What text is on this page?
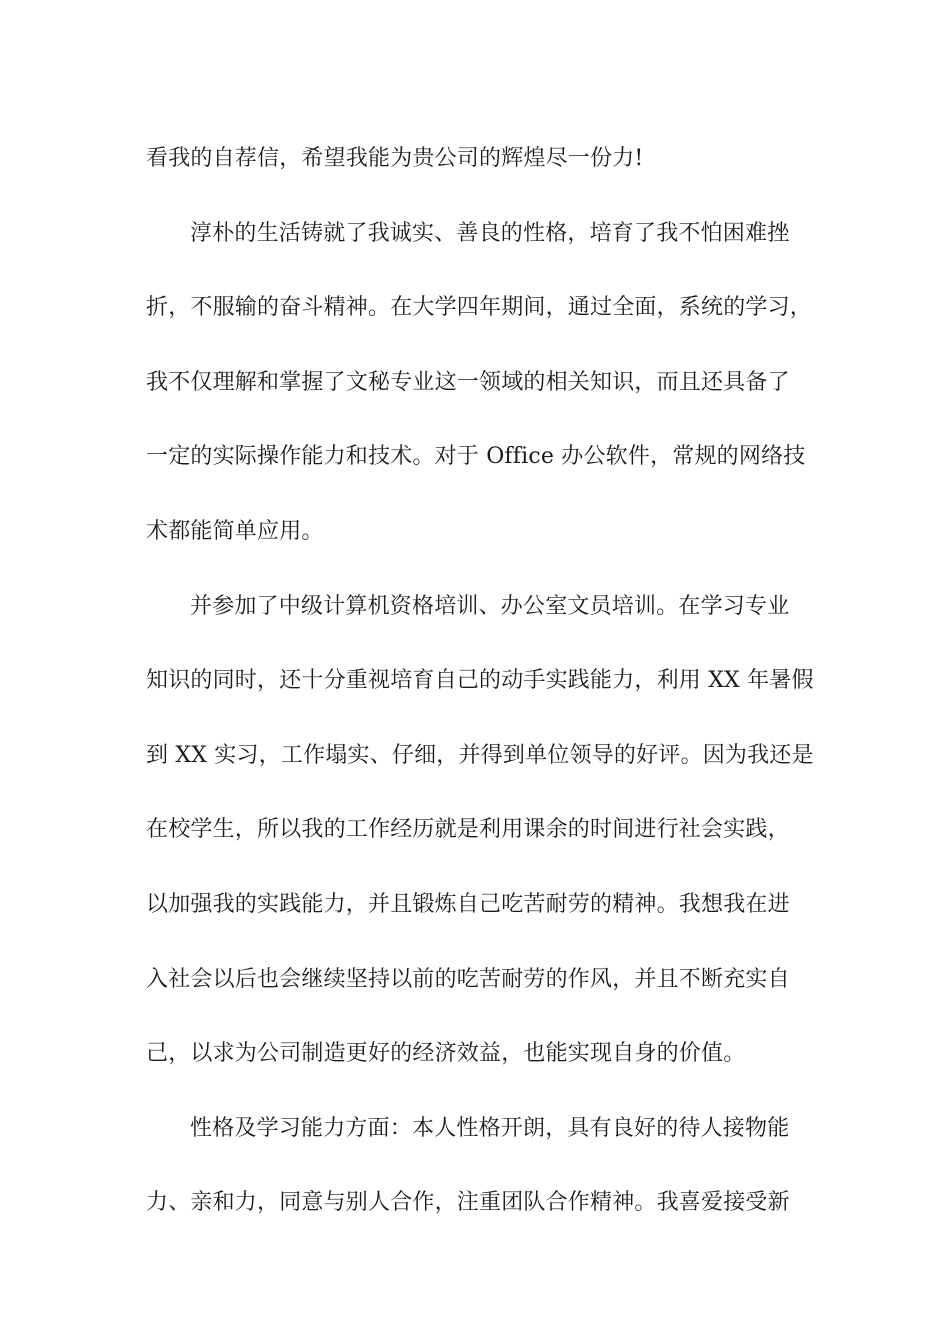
看我的自荐信，希望我能为贵公司的辉煌尽一份力!
淳朴的生活铸就了我诚实、善良的性格，培育了我不怕困难挫
折，不服输的奋斗精神。在大学四年期间，通过全面，系统的学习，
我不仅理解和掌握了文秘专业这一领域的相关知识，而且还具备了
一定的实际操作能力和技术。对于 Office 办公软件，常规的网络技
术都能简单应用。
并参加了中级计算机资格培训、办公室文员培训。在学习专业
知识的同时，还十分重视培育自己的动手实践能力，利用 XX 年暑假
到 XX 实习，工作塌实、仔细，并得到单位领导的好评。因为我还是
在校学生，所以我的工作经历就是利用课余的时间进行社会实践，
以加强我的实践能力，并且锻炼自己吃苦耐劳的精神。我想我在进
入社会以后也会继续坚持以前的吃苦耐劳的作风，并且不断充实自
己，以求为公司制造更好的经济效益，也能实现自身的价值。
性格及学习能力方面：本人性格开朗，具有良好的待人接物能
力、亲和力，同意与别人合作，注重团队合作精神。我喜爱接受新
